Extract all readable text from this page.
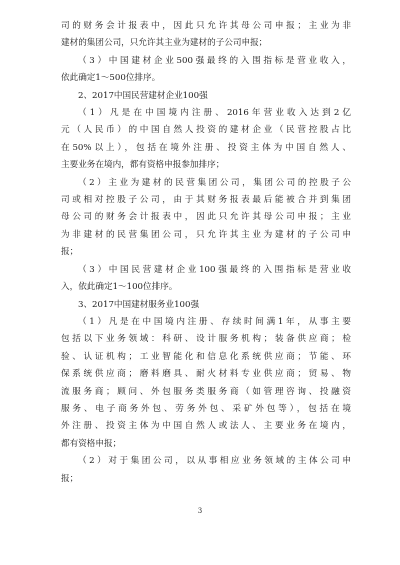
司的财务会计报表中，因此只允许其母公司申报；主业为非
建材的集团公司，只允许其主业为建材的子公司申报；
（3）中国建材企业500强最终的入围指标是营业收入，
依此确定1～500位排序。
2、2017中国民营建材企业100强
（1）凡是在中国境内注册、2016年营业收入达到2亿
元（人民币）的中国自然人投资的建材企业（民营控股占比
在50%以上），包括在境外注册、投资主体为中国自然人、
主要业务在境内，都有资格申报参加排序；
（2）主业为建材的民营集团公司，集团公司的控股子公
司或相对控股子公司，由于其财务报表最后能被合并到集团
母公司的财务会计报表中，因此只允许其母公司申报；主业
为非建材的民营集团公司，只允许其主业为建材的子公司申
报；
（3）中国民营建材企业100强最终的入围指标是营业收
入，依此确定1～100位排序。
3、2017中国建材服务业100强
（1）凡是在中国境内注册、存续时间满1年，从事主要
包括以下业务领域：科研、设计服务机构；装备供应商；检
验、认证机构；工业智能化和信息化系统供应商；节能、环
保系统供应商；磨料磨具、耐火材料专业供应商；贸易、物
流服务商；顾问、外包服务类服务商（如管理咨询、投融资
服务、电子商务外包、劳务外包、采矿外包等），包括在境
外注册、投资主体为中国自然人或法人、主要业务在境内，
都有资格申报；
（2）对于集团公司，以从事相应业务领域的主体公司申
报；
3
